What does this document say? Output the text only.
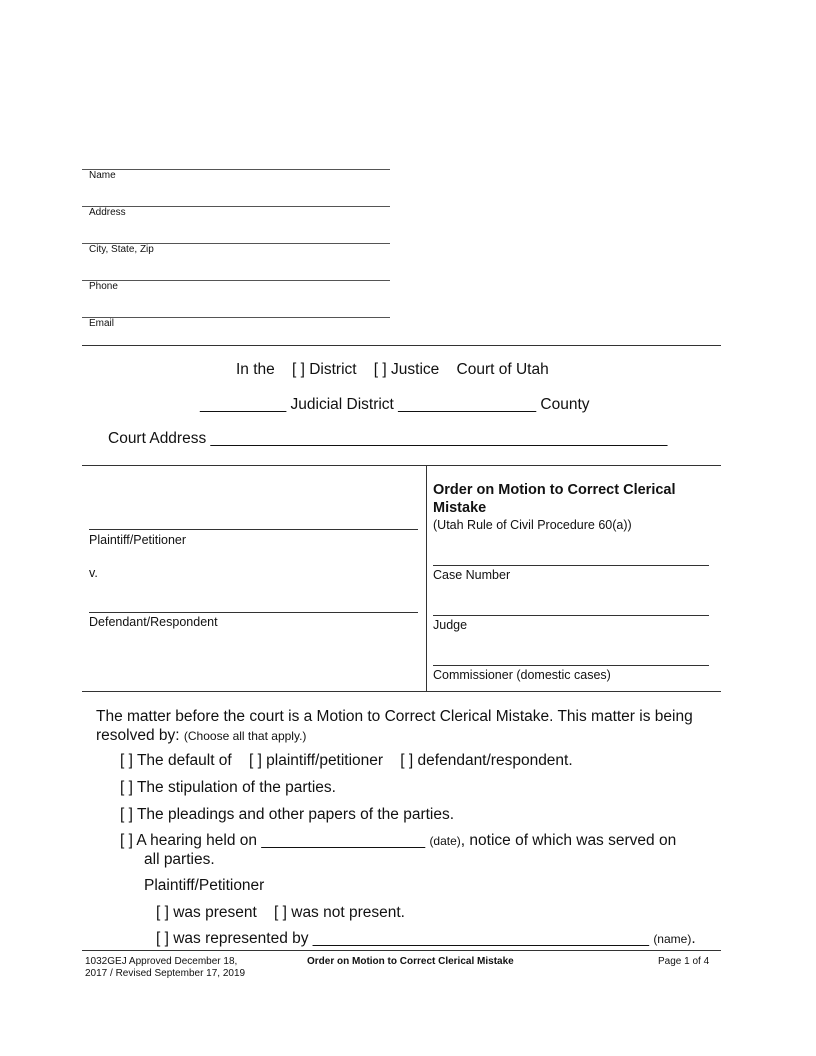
Name
Address
City, State, Zip
Phone
Email
In the    [ ] District    [ ] Justice    Court of Utah
__________ Judicial District ________________ County
Court Address _____________________________________________________
Plaintiff/Petitioner
v.
Defendant/Respondent
Order on Motion to Correct Clerical Mistake
(Utah Rule of Civil Procedure 60(a))
Case Number
Judge
Commissioner (domestic cases)
The matter before the court is a Motion to Correct Clerical Mistake. This matter is being
resolved by: (Choose all that apply.)
[ ] The default of    [ ] plaintiff/petitioner    [ ] defendant/respondent.
[ ] The stipulation of the parties.
[ ] The pleadings and other papers of the parties.
[ ] A hearing held on ___________________ (date), notice of which was served on
all parties.
Plaintiff/Petitioner
[ ] was present    [ ] was not present.
[ ] was represented by _______________________________________ (name).
1032GEJ Approved December 18, 2017 / Revised September 17, 2019
Order on Motion to Correct Clerical Mistake	Page 1 of 4
